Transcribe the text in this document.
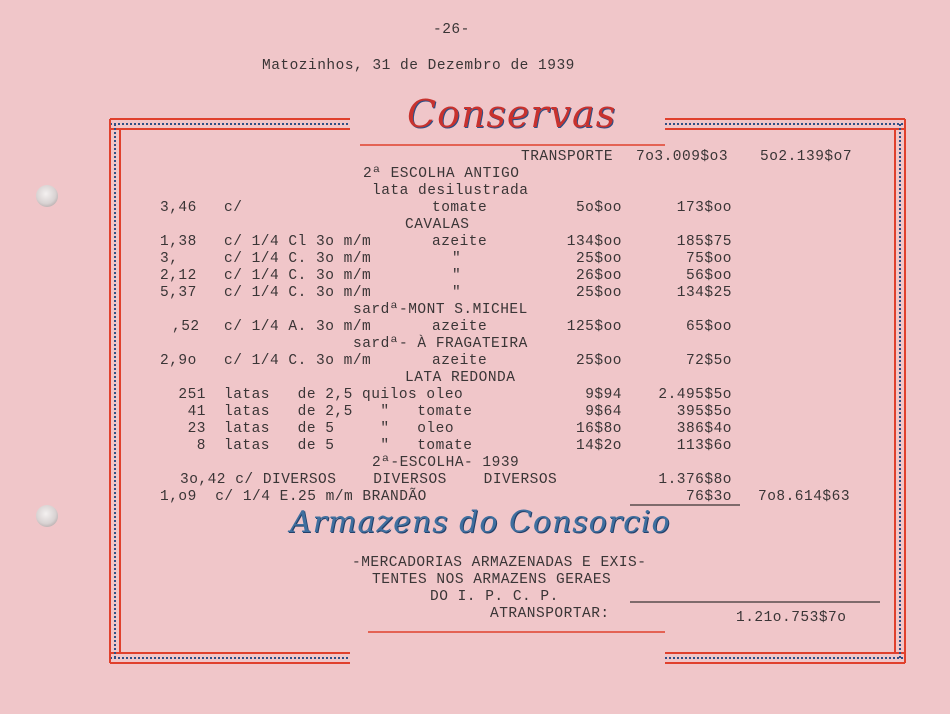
-26-
Matozinhos, 31 de Dezembro de 1939
Conservas
TRANSPORTE 7o3.009$o3 5o2.139$o7
2ª ESCOLHA ANTIGO
lata desilustrada
3,46 c/	tomate	5o$oo	173$oo
CAVALAS
1,38 c/ 1/4 Cl 3o m/m	azeite	134$oo	185$75
3,	c/ 1/4 C. 3o m/m	"	25$oo	75$oo
2,12 c/ 1/4 C. 3o m/m	"	26$oo	56$oo
5,37 c/ 1/4 C. 3o m/m	"	25$oo	134$25
sardª-MONT S.MICHEL
,52 c/ 1/4 A. 3o m/m	azeite	125$oo	65$oo
sardª- À FRAGATEIRA
2,9o c/ 1/4 C. 3o m/m	azeite	25$oo	72$5o
LATA REDONDA
251 latas   de 2,5 quilos oleo	9$94	2.495$5o
41 latas   de 2,5   "   tomate	9$64	395$5o
23 latas   de 5     "   oleo	16$8o	386$4o
8 latas   de 5     "   tomate	14$2o	113$6o
2ª-ESCOLHA- 1939
3o,42 c/ DIVERSOS    DIVERSOS    DIVERSOS	1.376$8o
1,o9  c/ 1/4 E.25 m/m BRANDÃO	76$3o 7o8.614$63
Armazens do Consorcio
-MERCADORIAS ARMAZENADAS E EXIS-
TENTES NOS ARMAZENS GERAES
DO I. P. C. P.
ATRANSPORTAR:	1.21o.753$7o
